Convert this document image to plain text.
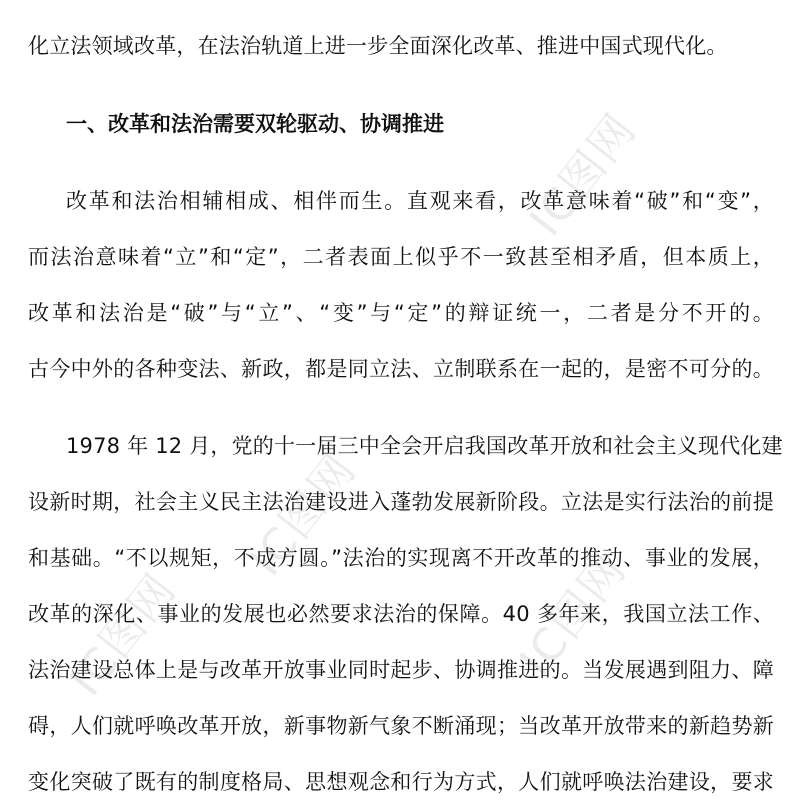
IC图网
IC图网
IC图网
IC图网
化立法领域改革，在法治轨道上进一步全面深化改革、推进中国式现代化。
一、改革和法治需要双轮驱动、协调推进
改革和法治相辅相成、相伴而生。直观来看，改革意味着“破”和“变”，
而法治意味着“立”和“定”，二者表面上似乎不一致甚至相矛盾，但本质上，
改革和法治是“破”与“立”、“变”与“定”的辩证统一，二者是分不开的。
古今中外的各种变法、新政，都是同立法、立制联系在一起的，是密不可分的。
1978 年 12 月，党的十一届三中全会开启我国改革开放和社会主义现代化建
设新时期，社会主义民主法治建设进入蓬勃发展新阶段。立法是实行法治的前提
和基础。“不以规矩，不成方圆。”法治的实现离不开改革的推动、事业的发展，
改革的深化、事业的发展也必然要求法治的保障。40 多年来，我国立法工作、
法治建设总体上是与改革开放事业同时起步、协调推进的。当发展遇到阻力、障
碍，人们就呼唤改革开放，新事物新气象不断涌现；当改革开放带来的新趋势新
变化突破了既有的制度格局、思想观念和行为方式，人们就呼唤法治建设，要求
